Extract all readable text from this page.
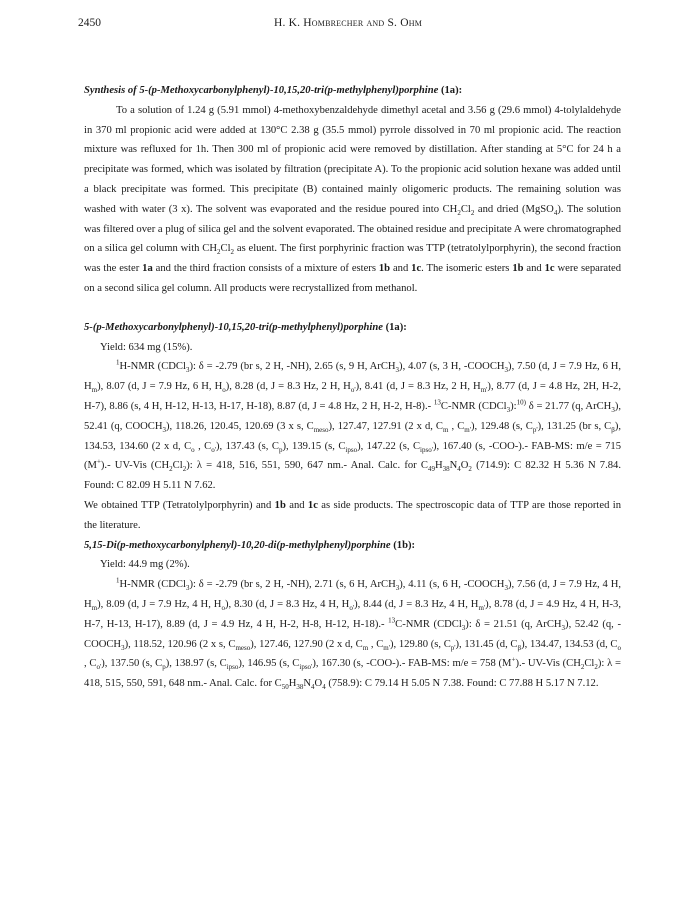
2450	H. K. Hombrecher and S. Ohm

Synthesis of 5-(p-Methoxycarbonylphenyl)-10,15,20-tri(p-methylphenyl)porphine (1a):

To a solution of 1.24 g (5.91 mmol) 4-methoxybenzaldehyde dimethyl acetal and 3.56 g (29.6 mmol) 4-tolylaldehyde in 370 ml propionic acid were added at 130°C 2.38 g (35.5 mmol) pyrrole dissolved in 70 ml propionic acid. The reaction mixture was refluxed for 1h. Then 300 ml of propionic acid were removed by distillation. After standing at 5°C for 24 h a precipitate was formed, which was isolated by filtration (precipitate A). To the propionic acid solution hexane was added until a black precipitate was formed. This precipitate (B) contained mainly oligomeric products. The remaining solution was washed with water (3 x). The solvent was evaporated and the residue poured into $CH_2Cl_2$ and dried (MgSO$_4$). The solution was filtered over a plug of silica gel and the solvent evaporated. The obtained residue and precipitate A were chromatographed on a silica gel column with $CH_2Cl_2$ as eluent. The first porphyrinic fraction was TTP (tetratolylporphyrin), the second fraction was the ester 1a and the third fraction consists of a mixture of esters 1b and 1c. The isomeric esters 1b and 1c were separated on a second silica gel column. All products were recrystallized from methanol.

5-(p-Methoxycarbonylphenyl)-10,15,20-tri(p-methylphenyl)porphine (1a):

Yield: 634 mg (15%).

$^1$H-NMR (CDCl$_3$): δ = -2.79 (br s, 2 H, -NH), 2.65 (s, 9 H, ArCH$_3$), 4.07 (s, 3 H, $-COOCH_3$), 7.50 (d, J = 7.9 Hz, 6 H, $H_m$), 8.07 (d, J = 7.9 Hz, 6 H, $H_o$), 8.28 (d, J = 8.3 Hz, 2 H, $H_{o'}$), 8.41 (d, J = 8.3 Hz, 2 H, $H_{m'}$), 8.77 (d, J = 4.8 Hz, 2H, H-2, H-7), 8.86 (s, 4 H, H-12, H-13, H-17, H-18), 8.87 (d, J = 4.8 Hz, 2 H, H-2, H-8).- $^{13}$C-NMR (CDCl$_3$):$^{10)}$ δ = 21.77 (q, ArCH$_3$), 52.41 (q, $COOCH_3$), 118.26, 120.45, 120.69 (3 x s, $C_{meso}$), 127.47, 127.91 (2 x d, $C_m$ , $C_{m'}$), 129.48 (s, $C_{p'}$), 131.25 (br s, $C_\beta$), 134.53, 134.60 (2 x d, $C_o$ , $C_{o'}$), 137.43 (s, $C_p$), 139.15 (s, $C_{ipso}$), 147.22 (s, $C_{ipso'}$), 167.40 (s, -COO-).- FAB-MS: m/e = 715 (M+).- UV-Vis $(CH_2Cl_2)$: λ = 418, 516, 551, 590, 647 nm.- Anal. Calc. for $C_{49}H_{38}N_4O_2$ (714.9): C 82.32 H 5.36 N 7.84. Found: C 82.09 H 5.11 N 7.62.

We obtained TTP (Tetratolylporphyrin) and 1b and 1c as side products. The spectroscopic data of TTP are those reported in the literature.

5,15-Di(p-methoxycarbonylphenyl)-10,20-di(p-methylphenyl)porphine (1b):

Yield: 44.9 mg (2%).

$^1$H-NMR (CDCl$_3$): δ = -2.79 (br s, 2 H, -NH), 2.71 (s, 6 H, ArCH$_3$), 4.11 (s, 6 H, $-COOCH_3$), 7.56 (d, J = 7.9 Hz, 4 H, $H_m$), 8.09 (d, J = 7.9 Hz, 4 H, $H_o$), 8.30 (d, J = 8.3 Hz, 4 H, $H_{o'}$), 8.44 (d, J = 8.3 Hz, 4 H, $H_{m'}$), 8.78 (d, J = 4.9 Hz, 4 H, H-3, H-7, H-13, H-17), 8.89 (d, J = 4.9 Hz, 4 H, H-2, H-8, H-12, H-18).- $^{13}$C-NMR (CDCl$_3$): δ = 21.51 (q, ArCH$_3$), 52.42 (q, $-COOCH_3$), 118.52, 120.96 (2 x s, $C_{meso}$), 127.46, 127.90 (2 x d, $C_m$ , $C_{m'}$), 129.80 (s, $C_{p'}$), 131.45 (d, $C_\beta$), 134.47, 134.53 (d, $C_o$ , $C_{o'}$), 137.50 (s, $C_p$), 138.97 (s, $C_{ipso}$), 146.95 (s, $C_{ipso'}$), 167.30 (s, -COO-).- FAB-MS: m/e = 758 (M+).- UV-Vis $(CH_2Cl_2)$: λ = 418, 515, 550, 591, 648 nm.- Anal. Calc. for $C_{50}H_{38}N_4O_4$ (758.9): C 79.14 H 5.05 N 7.38. Found: C 77.88 H 5.17 N 7.12.
